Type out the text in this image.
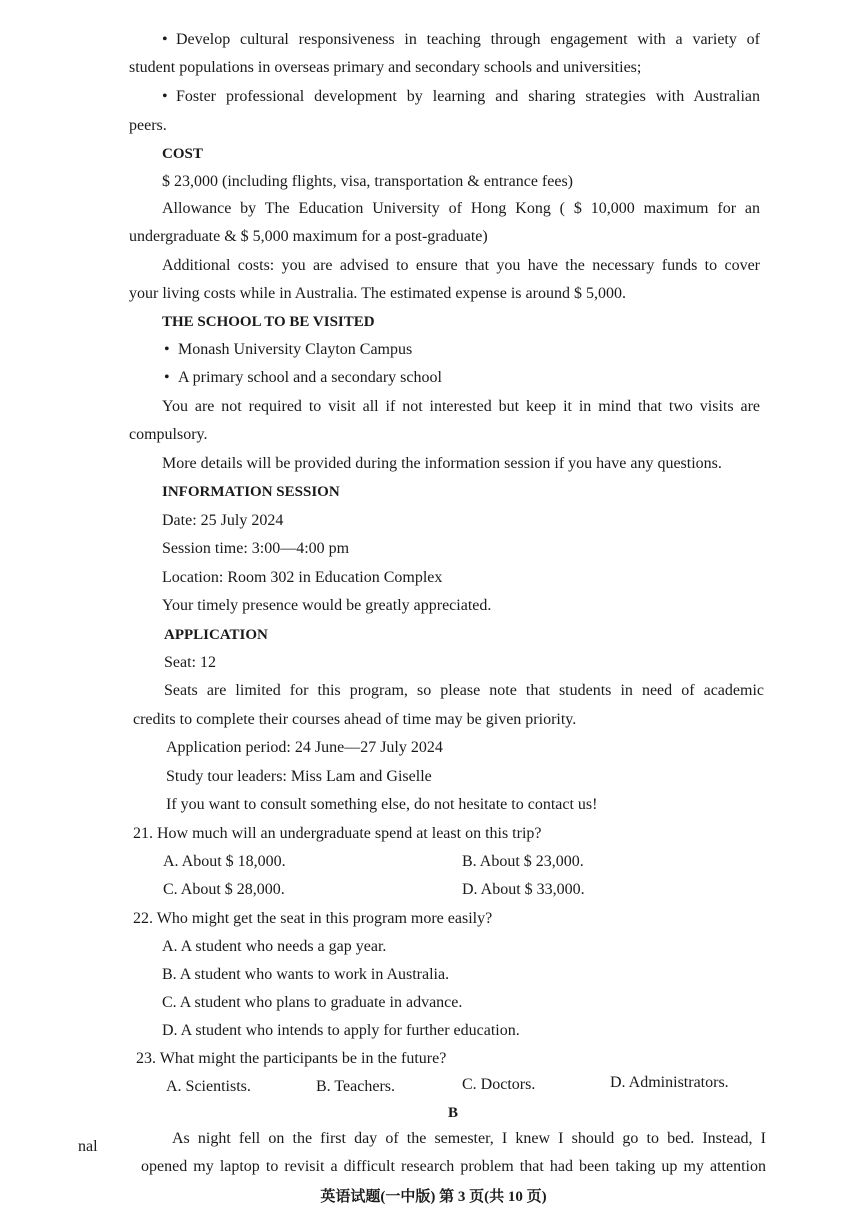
• Develop cultural responsiveness in teaching through engagement with a variety of
student populations in overseas primary and secondary schools and universities;
• Foster professional development by learning and sharing strategies with Australian
peers.
COST
$ 23,000 (including flights, visa, transportation & entrance fees)
Allowance by The Education University of Hong Kong ( $ 10,000 maximum for an
undergraduate & $ 5,000 maximum for a post-graduate)
Additional costs: you are advised to ensure that you have the necessary funds to cover
your living costs while in Australia. The estimated expense is around $ 5,000.
THE SCHOOL TO BE VISITED
• Monash University Clayton Campus
• A primary school and a secondary school
You are not required to visit all if not interested but keep it in mind that two visits are
compulsory.
More details will be provided during the information session if you have any questions.
INFORMATION SESSION
Date: 25 July 2024
Session time: 3:00—4:00 pm
Location: Room 302 in Education Complex
Your timely presence would be greatly appreciated.
APPLICATION
Seat: 12
Seats are limited for this program, so please note that students in need of academic
credits to complete their courses ahead of time may be given priority.
Application period: 24 June—27 July 2024
Study tour leaders: Miss Lam and Giselle
If you want to consult something else, do not hesitate to contact us!
21. How much will an undergraduate spend at least on this trip?
A. About $ 18,000.	B. About $ 23,000.
C. About $ 28,000.	D. About $ 33,000.
22. Who might get the seat in this program more easily?
A. A student who needs a gap year.
B. A student who wants to work in Australia.
C. A student who plans to graduate in advance.
D. A student who intends to apply for further education.
23. What might the participants be in the future?
A. Scientists.	B. Teachers.	C. Doctors.	D. Administrators.
B
nal	As night fell on the first day of the semester, I knew I should go to bed. Instead, I
opened my laptop to revisit a difficult research problem that had been taking up my attention
英语试题(一中版) 第 3 页(共 10 页)
